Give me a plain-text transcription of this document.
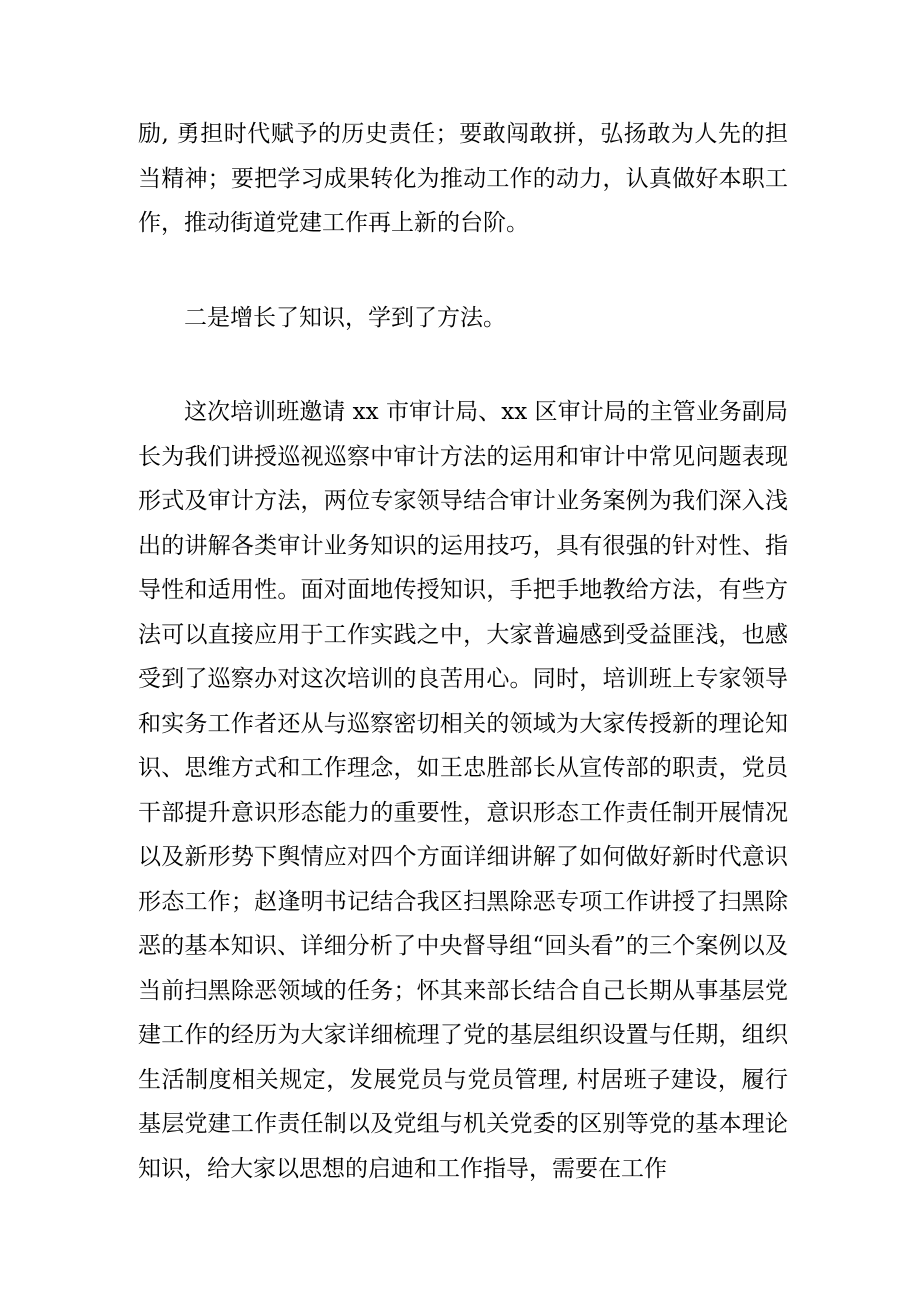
励, 勇担时代赋予的历史责任；要敢闯敢拼，弘扬敢为人先的担当精神；要把学习成果转化为推动工作的动力，认真做好本职工作，推动街道党建工作再上新的台阶。

二是增长了知识，学到了方法。

这次培训班邀请 xx 市审计局、xx 区审计局的主管业务副局长为我们讲授巡视巡察中审计方法的运用和审计中常见问题表现形式及审计方法，两位专家领导结合审计业务案例为我们深入浅出的讲解各类审计业务知识的运用技巧，具有很强的针对性、指导性和适用性。面对面地传授知识，手把手地教给方法，有些方法可以直接应用于工作实践之中，大家普遍感到受益匪浅，也感受到了巡察办对这次培训的良苦用心。同时，培训班上专家领导和实务工作者还从与巡察密切相关的领域为大家传授新的理论知识、思维方式和工作理念，如王忠胜部长从宣传部的职责，党员干部提升意识形态能力的重要性，意识形态工作责任制开展情况以及新形势下舆情应对四个方面详细讲解了如何做好新时代意识形态工作；赵逢明书记结合我区扫黑除恶专项工作讲授了扫黑除恶的基本知识、详细分析了中央督导组“回头看”的三个案例以及当前扫黑除恶领域的任务；怀其来部长结合自己长期从事基层党建工作的经历为大家详细梳理了党的基层组织设置与任期，组织生活制度相关规定，发展党员与党员管理, 村居班子建设，履行基层党建工作责任制以及党组与机关党委的区别等党的基本理论知识，给大家以思想的启迪和工作指导，需要在工作
